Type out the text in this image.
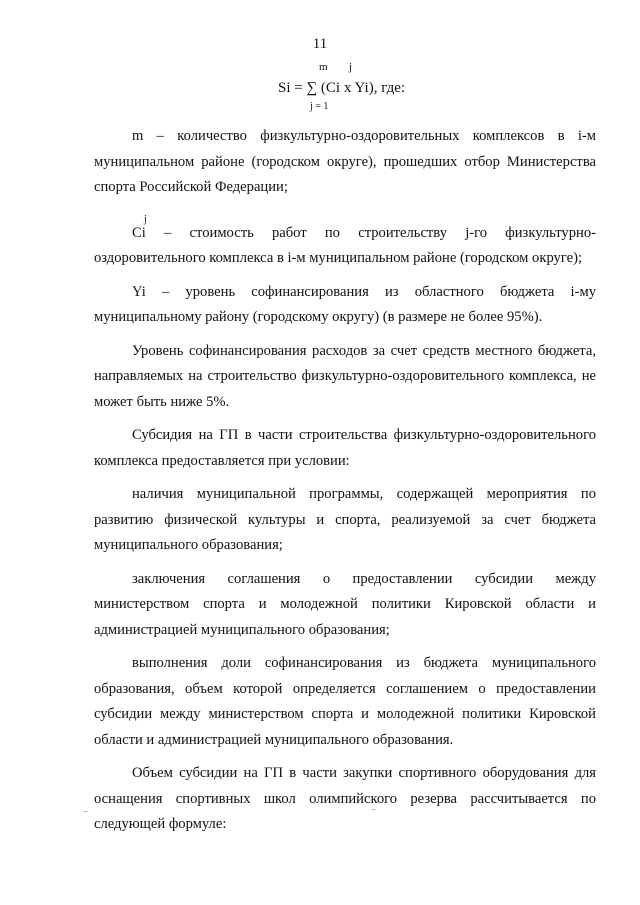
11
m j
Si = ∑ (Ci x Yi), где:
j = 1

m – количество физкультурно-оздоровительных комплексов в i-м муниципальном районе (городском округе), прошедших отбор Министерства спорта Российской Федерации;

j

Ci – стоимость работ по строительству j-го физкультурно-оздоровительного комплекса в i-м муниципальном районе (городском округе);

Yi – уровень софинансирования из областного бюджета i-му муниципальному району (городскому округу) (в размере не более 95%).

Уровень софинансирования расходов за счет средств местного бюджета, направляемых на строительство физкультурно-оздоровительного комплекса, не может быть ниже 5%.

Субсидия на ГП в части строительства физкультурно-оздоровительного комплекса предоставляется при условии:

наличия муниципальной программы, содержащей мероприятия по развитию физической культуры и спорта, реализуемой за счет бюджета муниципального образования;

заключения соглашения о предоставлении субсидии между министерством спорта и молодежной политики Кировской области и администрацией муниципального образования;

выполнения доли софинансирования из бюджета муниципального образования, объем которой определяется соглашением о предоставлении субсидии между министерством спорта и молодежной политики Кировской области и администрацией муниципального образования.

Объем субсидии на ГП в части закупки спортивного оборудования для оснащения спортивных школ олимпийского резерва рассчитывается по следующей формуле:

‾	‾
